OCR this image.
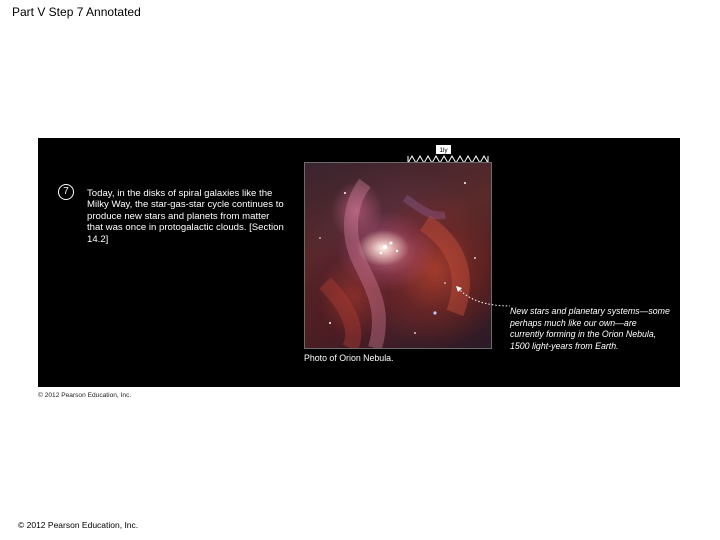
Part V Step 7 Annotated
7	Today, in the disks of spiral galaxies like the Milky Way, the star-gas-star cycle continues to produce new stars and planets from matter that was once in protogalactic clouds. [Section 14.2]
1ly
New stars and planetary systems—some perhaps much like our own—are currently forming in the Orion Nebula, 1500 light-years from Earth.
Photo of Orion Nebula.
© 2012 Pearson Education, Inc.
© 2012 Pearson Education, Inc.
